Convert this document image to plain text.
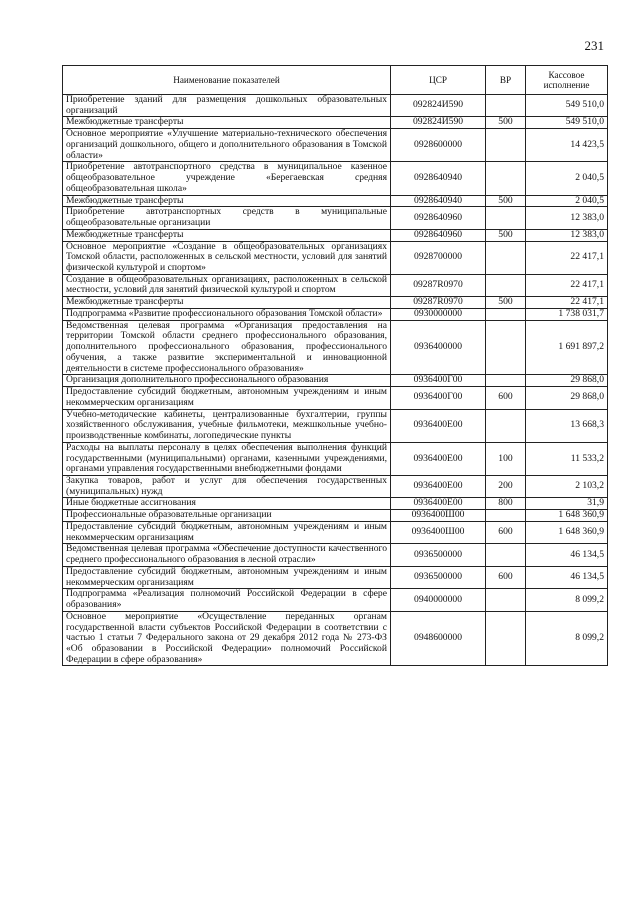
231
Наименование показателей	ЦСР	ВР	Кассовое исполнение
Приобретение зданий для размещения дошкольных образовательных организаций	092824И590		549 510,0
Межбюджетные трансферты	092824И590	500	549 510,0
Основное мероприятие «Улучшение материально-технического обеспечения организаций дошкольного, общего и дополнительного образования в Томской области»	0928600000		14 423,5
Приобретение автотранспортного средства в муниципальное казенное общеобразовательное учреждение «Берегаевская средняя общеобразовательная школа»	0928640940		2 040,5
Межбюджетные трансферты	0928640940	500	2 040,5
Приобретение автотранспортных средств в муниципальные общеобразовательные организации	0928640960		12 383,0
Межбюджетные трансферты	0928640960	500	12 383,0
Основное мероприятие «Создание в общеобразовательных организациях Томской области, расположенных в сельской местности, условий для занятий физической культурой и спортом»	0928700000		22 417,1
Создание в общеобразовательных организациях, расположенных в сельской местности, условий для занятий физической культурой и спортом	09287R0970		22 417,1
Межбюджетные трансферты	09287R0970	500	22 417,1
Подпрограмма «Развитие профессионального образования Томской области»	0930000000		1 738 031,7
Ведомственная целевая программа «Организация предоставления на территории Томской области среднего профессионального образования, дополнительного профессионального образования, профессионального обучения, а также развитие экспериментальной и инновационной деятельности в системе профессионального образования»	0936400000		1 691 897,2
Организация дополнительного профессионального образования	0936400Г00		29 868,0
Предоставление субсидий бюджетным, автономным учреждениям и иным некоммерческим организациям	0936400Г00	600	29 868,0
Учебно-методические кабинеты, централизованные бухгалтерии, группы хозяйственного обслуживания, учебные фильмотеки, межшкольные учебно-производственные комбинаты, логопедические пункты	0936400Е00		13 668,3
Расходы на выплаты персоналу в целях обеспечения выполнения функций государственными (муниципальными) органами, казенными учреждениями, органами управления государственными внебюджетными фондами	0936400Е00	100	11 533,2
Закупка товаров, работ и услуг для обеспечения государственных (муниципальных) нужд	0936400Е00	200	2 103,2
Иные бюджетные ассигнования	0936400Е00	800	31,9
Профессиональные образовательные организации	0936400Ш00		1 648 360,9
Предоставление субсидий бюджетным, автономным учреждениям и иным некоммерческим организациям	0936400Ш00	600	1 648 360,9
Ведомственная целевая программа «Обеспечение доступности качественного среднего профессионального образования в лесной отрасли»	0936500000		46 134,5
Предоставление субсидий бюджетным, автономным учреждениям и иным некоммерческим организациям	0936500000	600	46 134,5
Подпрограмма «Реализация полномочий Российской Федерации в сфере образования»	0940000000		8 099,2
Основное мероприятие «Осуществление переданных органам государственной власти субъектов Российской Федерации в соответствии с частью 1 статьи 7 Федерального закона от 29 декабря 2012 года № 273-ФЗ «Об образовании в Российской Федерации» полномочий Российской Федерации в сфере образования»	0948600000		8 099,2
